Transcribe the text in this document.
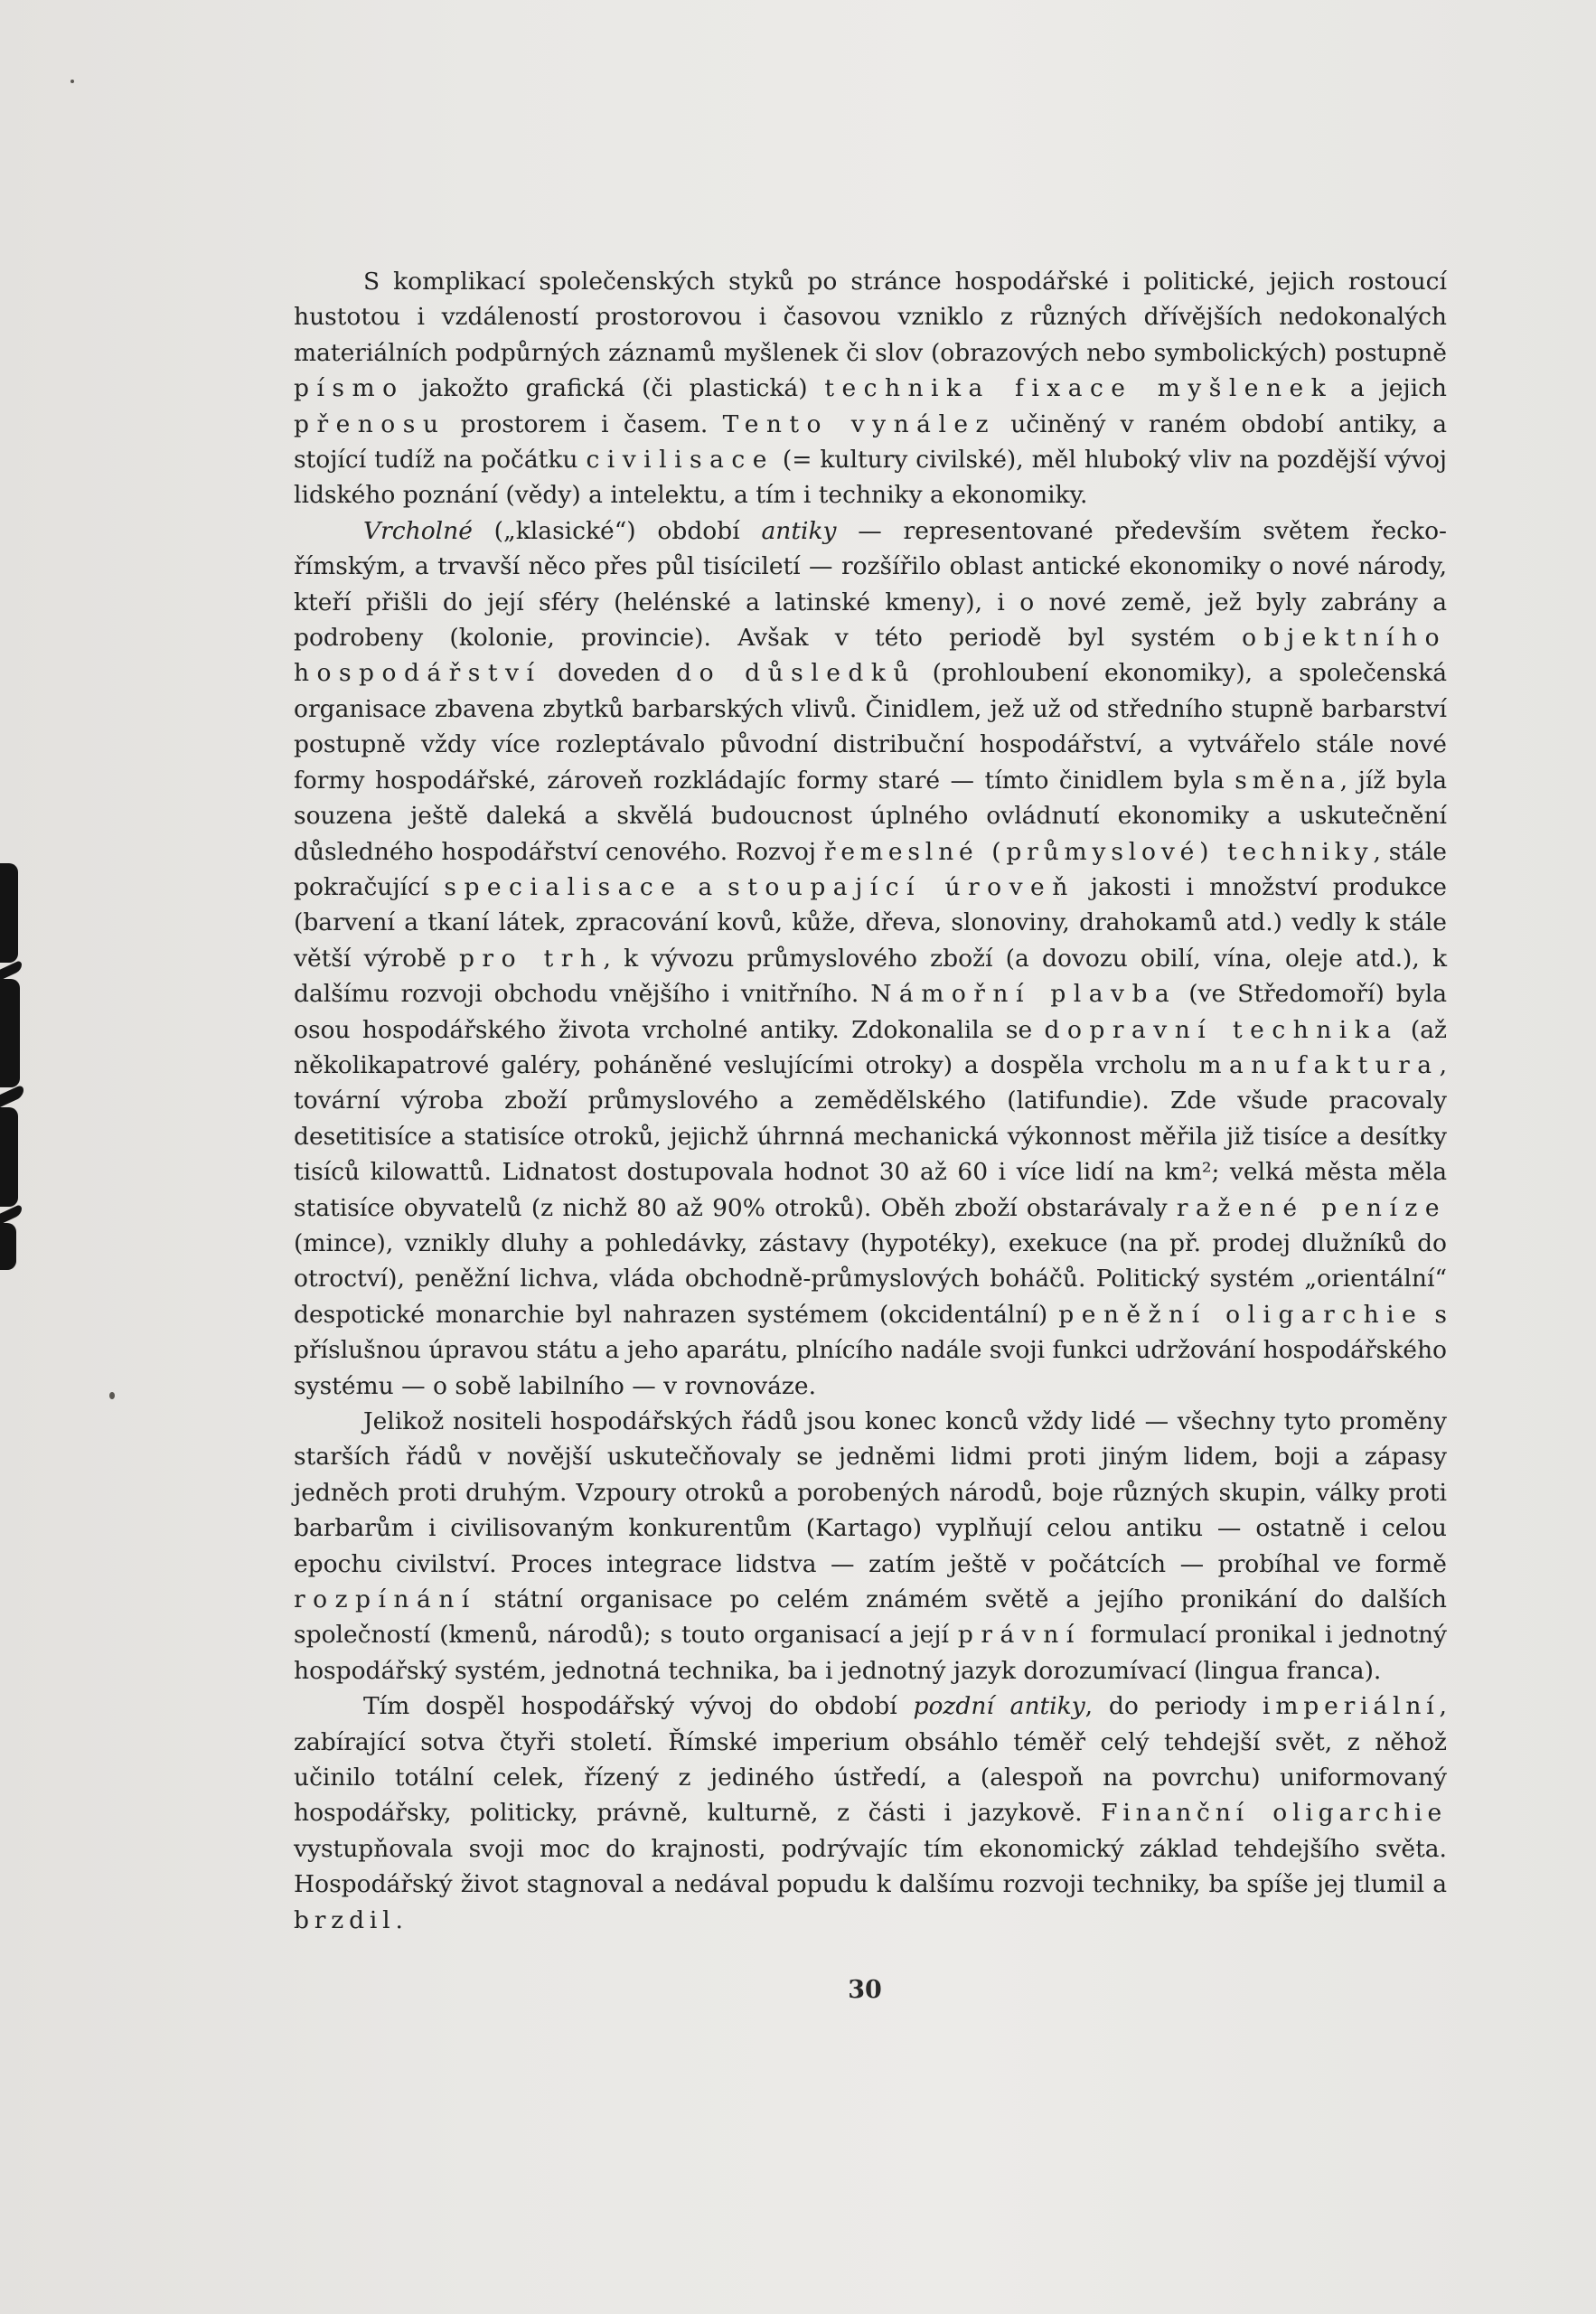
S komplikací společenských styků po stránce hospodářské i politické, jejich rostoucí hustotou i vzdáleností prostorovou i časovou vzniklo z různých dřívějších nedokonalých materiálních podpůrných záznamů myšlenek či slov (obrazových nebo symbolických) postupně písmo jakožto grafická (či plastická) technika fixace myšlenek a jejich přenosu prostorem i časem. Tento vynález učiněný v raném období antiky, a stojící tudíž na počátku civilisace (= kultury civilské), měl hluboký vliv na pozdější vývoj lidského poznání (vědy) a intelektu, a tím i techniky a ekonomiky.

Vrcholné („klasické“) období antiky — representované především světem řecko-římským, a trvavší něco přes půl tisíciletí — rozšířilo oblast antické ekonomiky o nové národy, kteří přišli do její sféry (helénské a latinské kmeny), i o nové země, jež byly zabrány a podrobeny (kolonie, provincie). Avšak v této periodě byl systém objektního hospodářství doveden do důsledků (prohloubení ekonomiky), a společenská organisace zbavena zbytků barbarských vlivů. Činidlem, jež už od středního stupně barbarství postupně vždy více rozleptávalo původní distribuční hospodářství, a vytvářelo stále nové formy hospodářské, zároveň rozkládajíc formy staré — tímto činidlem byla směna, jíž byla souzena ještě daleká a skvělá budoucnost úplného ovládnutí ekonomiky a uskutečnění důsledného hospodářství cenového. Rozvoj řemeslné (průmyslové) techniky, stále pokračující specialisace a stoupající úroveň jakosti i množství produkce (barvení a tkaní látek, zpracování kovů, kůže, dřeva, slonoviny, drahokamů atd.) vedly k stále větší výrobě pro trh, k vývozu průmyslového zboží (a dovozu obilí, vína, oleje atd.), k dalšímu rozvoji obchodu vnějšího i vnitřního. Námořní plavba (ve Středomoří) byla osou hospodářského života vrcholné antiky. Zdokonalila se dopravní technika (až několikapatrové galéry, poháněné veslujícími otroky) a dospěla vrcholu manufaktura, tovární výroba zboží průmyslového a zemědělského (latifundie). Zde všude pracovaly desetitisíce a statisíce otroků, jejichž úhrnná mechanická výkonnost měřila již tisíce a desítky tisíců kilowattů. Lidnatost dostupovala hodnot 30 až 60 i více lidí na km²; velká města měla statisíce obyvatelů (z nichž 80 až 90% otroků). Oběh zboží obstarávaly ražené peníze (mince), vznikly dluhy a pohledávky, zástavy (hypotéky), exekuce (na př. prodej dlužníků do otroctví), peněžní lichva, vláda obchodně-průmyslových boháčů. Politický systém „orientální“ despotické monarchie byl nahrazen systémem (okcidentální) peněžní oligarchie s příslušnou úpravou státu a jeho aparátu, plnícího nadále svoji funkci udržování hospodářského systému — o sobě labilního — v rovnováze.

Jelikož nositeli hospodářských řádů jsou konec konců vždy lidé — všechny tyto proměny starších řádů v novější uskutečňovaly se jedněmi lidmi proti jiným lidem, boji a zápasy jedněch proti druhým. Vzpoury otroků a porobených národů, boje různých skupin, války proti barbarům i civilisovaným konkurentům (Kartago) vyplňují celou antiku — ostatně i celou epochu civilství. Proces integrace lidstva — zatím ještě v počátcích — probíhal ve formě rozpínání státní organisace po celém známém světě a jejího pronikání do dalších společností (kmenů, národů); s touto organisací a její právní formulací pronikal i jednotný hospodářský systém, jednotná technika, ba i jednotný jazyk dorozumívací (lingua franca).

Tím dospěl hospodářský vývoj do období pozdní antiky, do periody imperiální, zabírající sotva čtyři století. Římské imperium obsáhlo téměř celý tehdejší svět, z něhož učinilo totální celek, řízený z jediného ústředí, a (alespoň na povrchu) uniformovaný hospodářsky, politicky, právně, kulturně, z části i jazykově. Finanční oligarchie vystupňovala svoji moc do krajnosti, podrývajíc tím ekonomický základ tehdejšího světa. Hospodářský život stagnoval a nedával popudu k dalšímu rozvoji techniky, ba spíše jej tlumil a brzdil.

30
